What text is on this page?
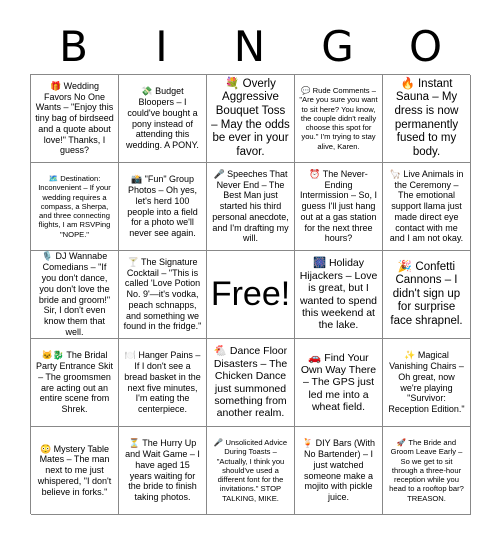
B	I	N	G	O
🎁 Wedding Favors No One Wants – "Enjoy this tiny bag of birdseed and a quote about love!" Thanks, I guess?
💸 Budget Bloopers – I could've bought a pony instead of attending this wedding. A PONY.
💐 Overly Aggressive Bouquet Toss – May the odds be ever in your favor.
💬 Rude Comments – "Are you sure you want to sit here? You know, the couple didn't really choose this spot for you." I'm trying to stay alive, Karen.
🔥 Instant Sauna – My dress is now permanently fused to my body.
🗺️ Destination: Inconvenient – If your wedding requires a compass, a Sherpa, and three connecting flights, I am RSVPing "NOPE."
📸 "Fun" Group Photos – Oh yes, let's herd 100 people into a field for a photo we'll never see again.
🎤 Speeches That Never End – The Best Man just started his third personal anecdote, and I'm drafting my will.
⏰ The Never-Ending Intermission – So, I guess I'll just hang out at a gas station for the next three hours?
🦙 Live Animals in the Ceremony – The emotional support llama just made direct eye contact with me and I am not okay.
🎙️ DJ Wannabe Comedians – "If you don't dance, you don't love the bride and groom!" Sir, I don't even know them that well.
🍸 The Signature Cocktail – "This is called 'Love Potion No. 9'—it's vodka, peach schnapps, and something we found in the fridge."
Free!
🎆 Holiday Hijackers – Love is great, but I wanted to spend this weekend at the lake.
🎉 Confetti Cannons – I didn't sign up for surprise face shrapnel.
🐱‍🐉 The Bridal Party Entrance Skit – The groomsmen are acting out an entire scene from Shrek.
🍽️ Hanger Pains – If I don't see a bread basket in the next five minutes, I'm eating the centerpiece.
🐔 Dance Floor Disasters – The Chicken Dance just summoned something from another realm.
🚗 Find Your Own Way There – The GPS just led me into a wheat field.
✨ Magical Vanishing Chairs – Oh great, now we're playing "Survivor: Reception Edition."
😳 Mystery Table Mates – The man next to me just whispered, "I don't believe in forks."
⏳ The Hurry Up and Wait Game – I have aged 15 years waiting for the bride to finish taking photos.
🎤 Unsolicited Advice During Toasts – "Actually, I think you should've used a different font for the invitations." STOP TALKING, MIKE.
🍹 DIY Bars (With No Bartender) – I just watched someone make a mojito with pickle juice.
🚀 The Bride and Groom Leave Early – So we get to sit through a three-hour reception while you head to a rooftop bar? TREASON.
